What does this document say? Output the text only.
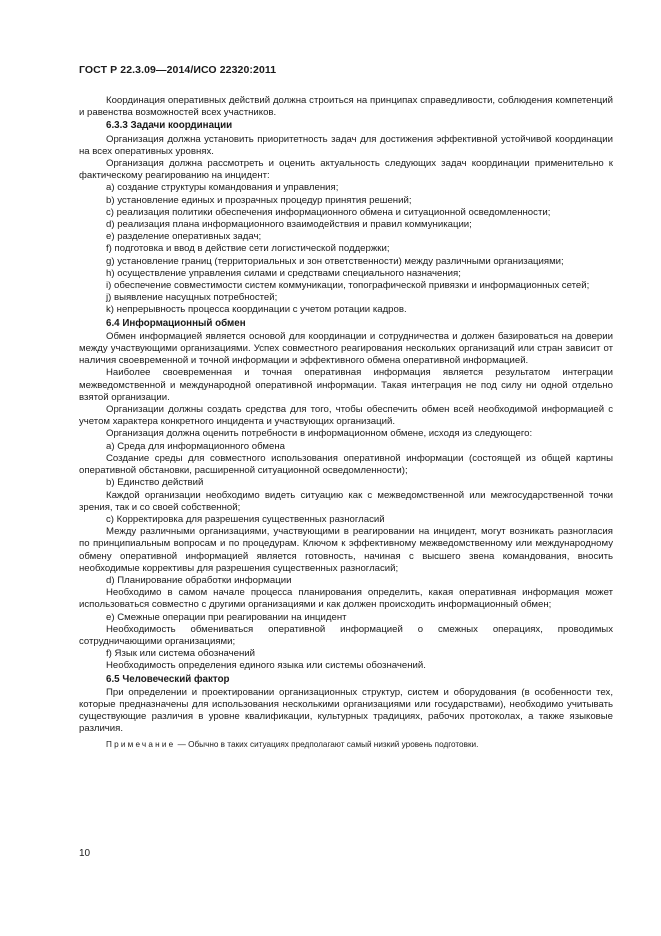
ГОСТ Р 22.3.09—2014/ИСО 22320:2011

Координация оперативных действий должна строиться на принципах справедливости, соблюдения компетенций и равенства возможностей всех участников.

6.3.3 Задачи координации

Организация должна установить приоритетность задач для достижения эффективной устойчивой координации на всех оперативных уровнях.

Организация должна рассмотреть и оценить актуальность следующих задач координации применительно к фактическому реагированию на инцидент:

a) создание структуры командования и управления;

b) установление единых и прозрачных процедур принятия решений;

c) реализация политики обеспечения информационного обмена и ситуационной осведомленности;

d) реализация плана информационного взаимодействия и правил коммуникации;

e) разделение оперативных задач;

f) подготовка и ввод в действие сети логистической поддержки;

g) установление границ (территориальных и зон ответственности) между различными организациями;

h) осуществление управления силами и средствами специального назначения;

i) обеспечение совместимости систем коммуникации, топографической привязки и информационных сетей;

j) выявление насущных потребностей;

k) непрерывность процесса координации с учетом ротации кадров.

6.4 Информационный обмен

Обмен информацией является основой для координации и сотрудничества и должен базироваться на доверии между участвующими организациями. Успех совместного реагирования нескольких организаций или стран зависит от наличия своевременной и точной информации и эффективного обмена оперативной информацией.

Наиболее своевременная и точная оперативная информация является результатом интеграции межведомственной и международной оперативной информации. Такая интеграция не под силу ни одной отдельно взятой организации.

Организации должны создать средства для того, чтобы обеспечить обмен всей необходимой информацией с учетом характера конкретного инцидента и участвующих организаций.

Организация должна оценить потребности в информационном обмене, исходя из следующего:

a) Среда для информационного обмена

Создание среды для совместного использования оперативной информации (состоящей из общей картины оперативной обстановки, расширенной ситуационной осведомленности);

b) Единство действий

Каждой организации необходимо видеть ситуацию как с межведомственной или межгосударственной точки зрения, так и со своей собственной;

c) Корректировка для разрешения существенных разногласий

Между различными организациями, участвующими в реагировании на инцидент, могут возникать разногласия по принципиальным вопросам и по процедурам. Ключом к эффективному межведомственному или международному обмену оперативной информацией является готовность, начиная с высшего звена командования, вносить необходимые коррективы для разрешения существенных разногласий;

d) Планирование обработки информации

Необходимо в самом начале процесса планирования определить, какая оперативная информация может использоваться совместно с другими организациями и как должен происходить информационный обмен;

e) Смежные операции при реагировании на инцидент

Необходимость обмениваться оперативной информацией о смежных операциях, проводимых сотрудничающими организациями;

f) Язык или система обозначений

Необходимость определения единого языка или системы обозначений.

6.5 Человеческий фактор

При определении и проектировании организационных структур, систем и оборудования (в особенности тех, которые предназначены для использования несколькими организациями или государствами), необходимо учитывать существующие различия в уровне квалификации, культурных традициях, рабочих протоколах, а также языковые различия.

Примечание — Обычно в таких ситуациях предполагают самый низкий уровень подготовки.

10
